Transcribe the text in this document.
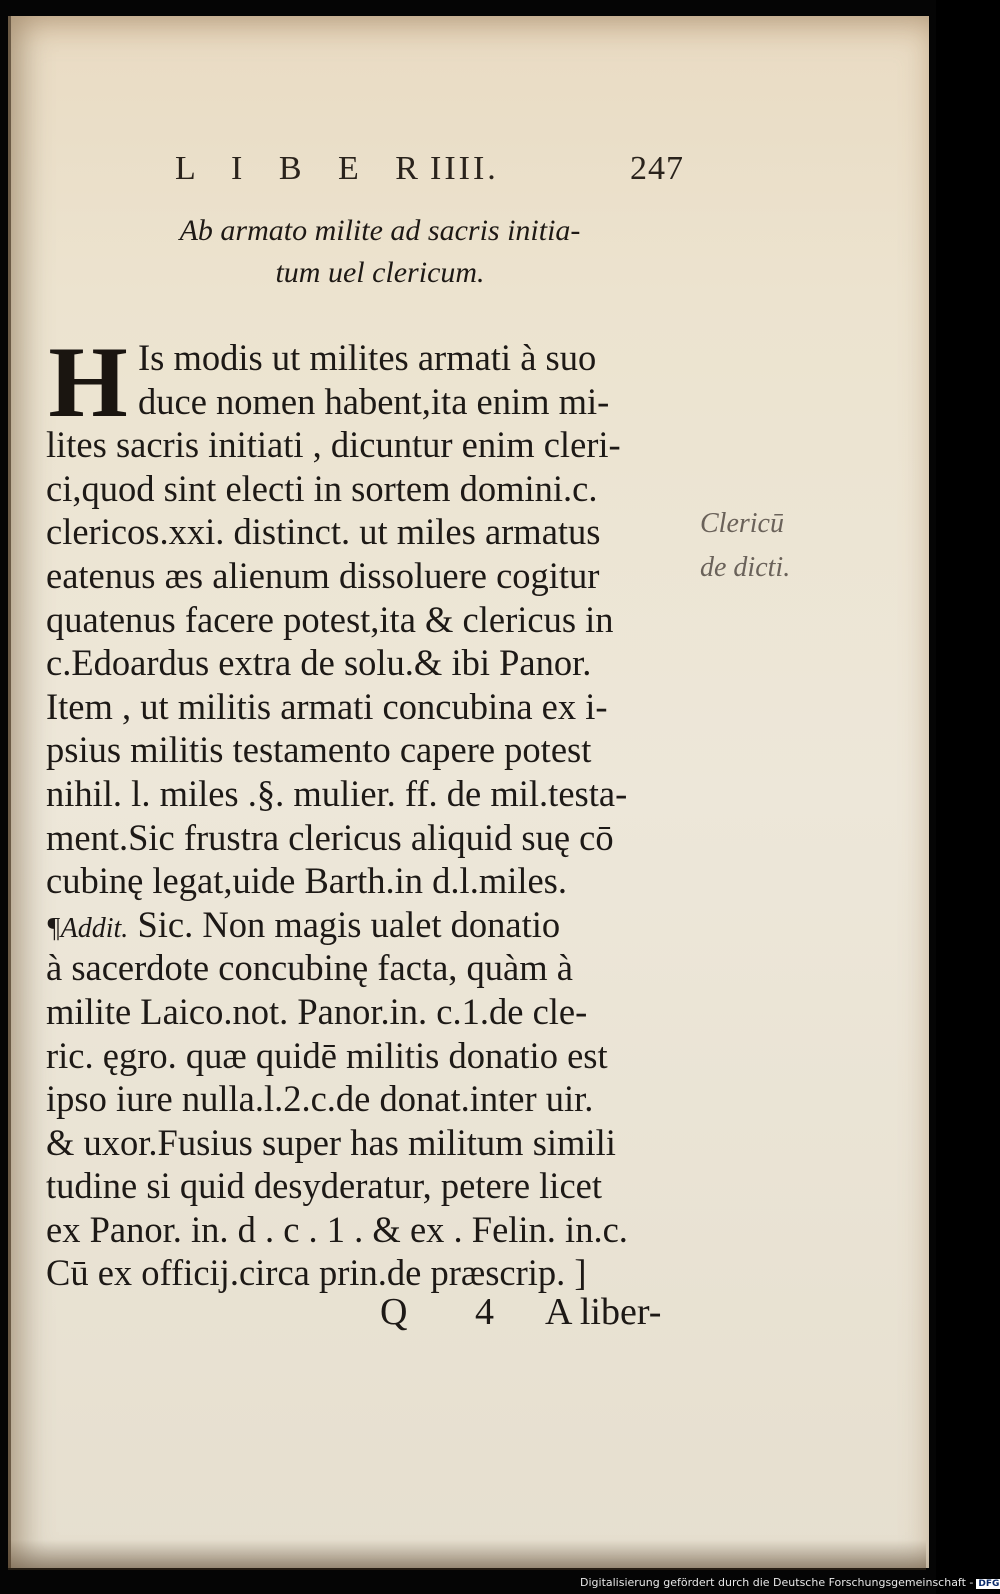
L I B E R
IIII.	247
Ab armato milite ad sacris initia-
tum uel clericum.
H Is modis ut milites armati à suo
duce nomen habent,ita enim mi-
lites sacris initiati , dicuntur enim cleri-
ci,quod sint electi in sortem domini.c.
clericos.xxi. distinct. ut miles armatus
eatenus æs alienum dissoluere cogitur
quatenus facere potest,ita & clericus in
c.Edoardus extra de solu.& ibi Panor.
Item , ut militis armati concubina ex i-
psius militis testamento capere potest
nihil. l. miles .§. mulier. ff. de mil.testa-
ment.Sic frustra clericus aliquid suę cō
cubinę legat,uide Barth.in d.l.miles.
¶Addit. Sic. Non magis ualet donatio
à sacerdote concubinę facta, quàm à
milite Laico.not. Panor.in. c.1.de cle-
ric. ęgro. quæ quidē militis donatio est
ipso iure nulla.l.2.c.de donat.inter uir.
& uxor.Fusius super has militum simili
tudine si quid desyderatur, petere licet
ex Panor. in. d . c . 1 . & ex . Felin. in.c.
Cū ex officij.circa prin.de præscrip. ]
Clericū
de dicti.
Q 4 A liber-
Digitalisierung gefördert durch die Deutsche Forschungsgemeinschaft - DFG
